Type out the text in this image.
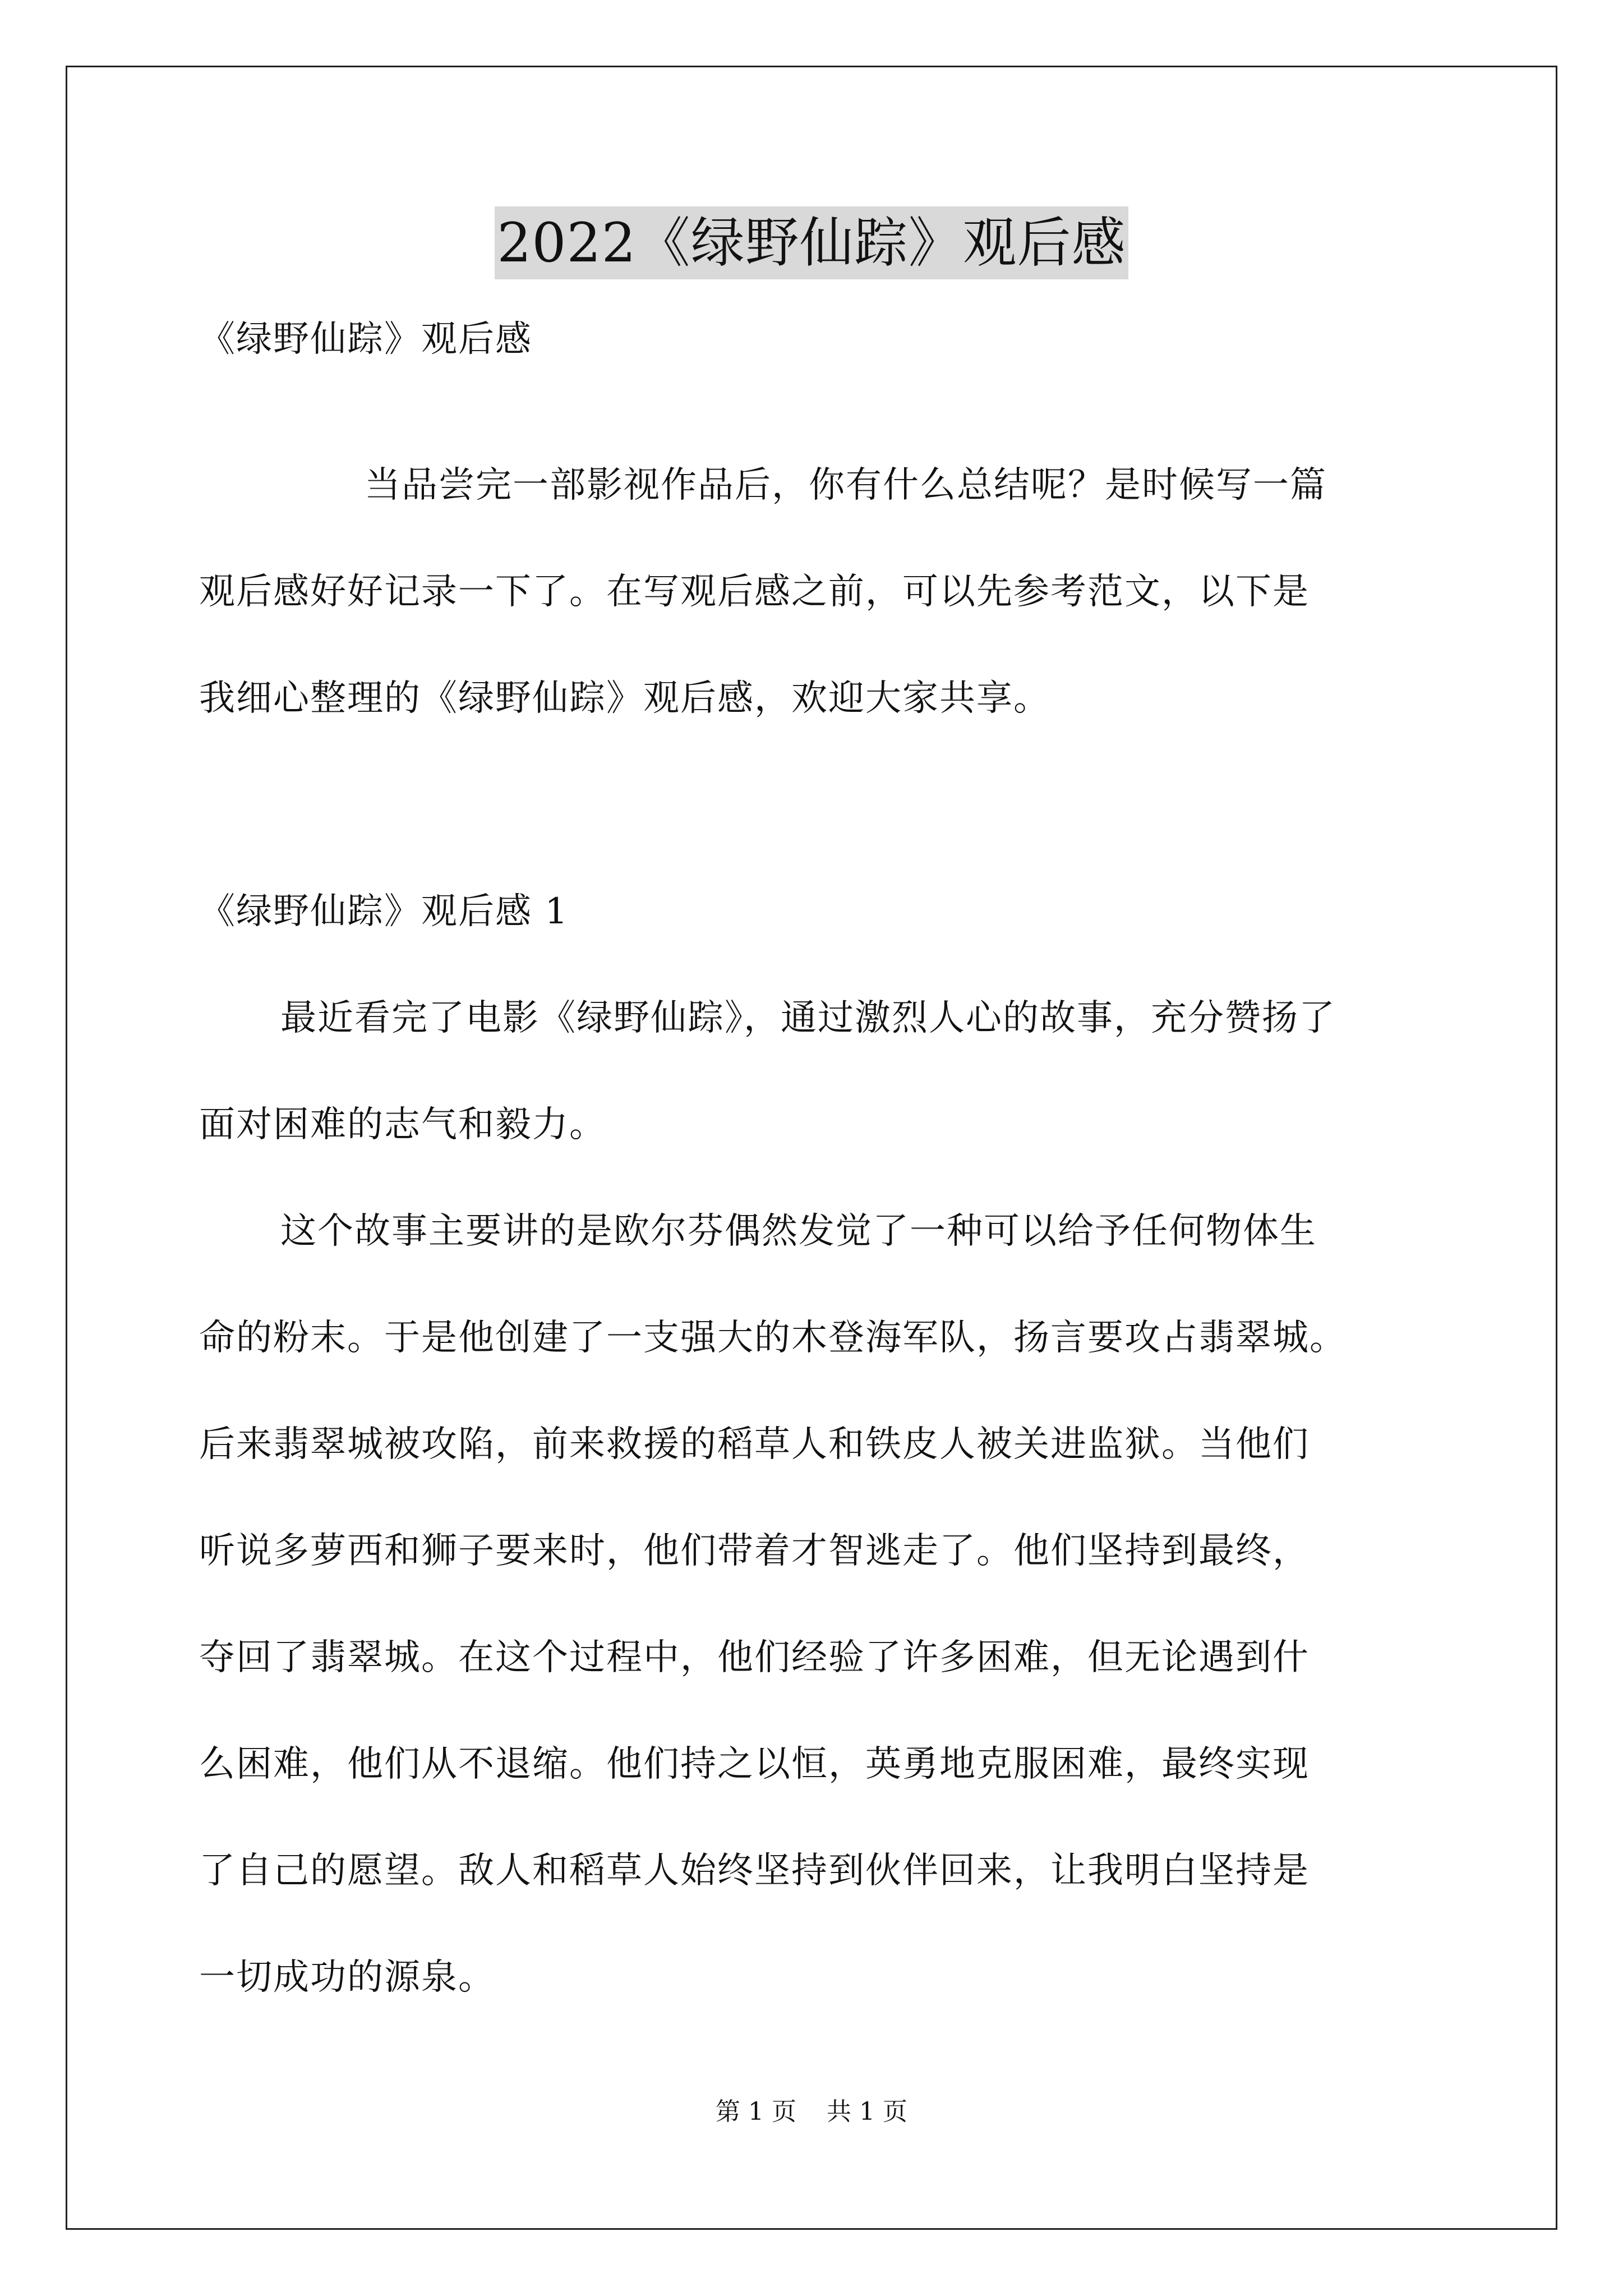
2022《绿野仙踪》观后感
《绿野仙踪》观后感
当品尝完一部影视作品后，你有什么总结呢？是时候写一篇
观后感好好记录一下了。在写观后感之前，可以先参考范文，以下是
我细心整理的《绿野仙踪》观后感，欢迎大家共享。
《绿野仙踪》观后感 1
最近看完了电影《绿野仙踪》，通过激烈人心的故事，充分赞扬了
面对困难的志气和毅力。
这个故事主要讲的是欧尔芬偶然发觉了一种可以给予任何物体生
命的粉末。于是他创建了一支强大的木登海军队，扬言要攻占翡翠城。
后来翡翠城被攻陷，前来救援的稻草人和铁皮人被关进监狱。当他们
听说多萝西和狮子要来时，他们带着才智逃走了。他们坚持到最终，
夺回了翡翠城。在这个过程中，他们经验了许多困难，但无论遇到什
么困难，他们从不退缩。他们持之以恒，英勇地克服困难，最终实现
了自己的愿望。敌人和稻草人始终坚持到伙伴回来，让我明白坚持是
一切成功的源泉。
第 1 页 共 1 页
